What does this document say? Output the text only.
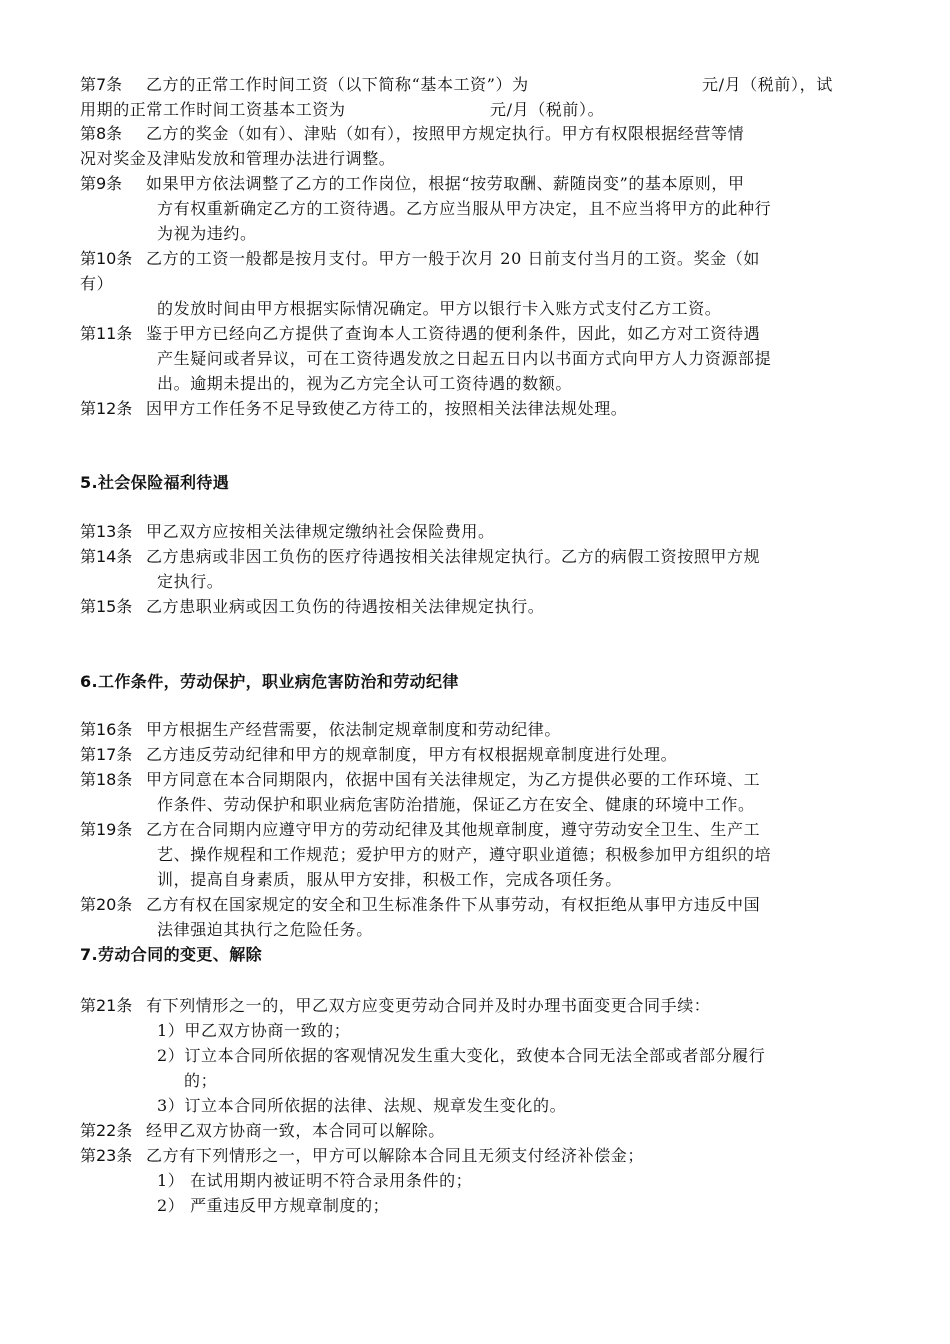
第7条 乙方的正常工作时间工资（以下简称“基本工资”）为	元/月（税前），试
用期的正常工作时间工资基本工资为	元/月（税前）。
第8条 乙方的奖金（如有）、津贴（如有），按照甲方规定执行。甲方有权限根据经营等情
况对奖金及津贴发放和管理办法进行调整。
第9条 如果甲方依法调整了乙方的工作岗位，根据“按劳取酬、薪随岗变”的基本原则，甲
方有权重新确定乙方的工资待遇。乙方应当服从甲方决定，且不应当将甲方的此种行
为视为违约。
第10条 乙方的工资一般都是按月支付。甲方一般于次月 20 日前支付当月的工资。奖金（如
有）
的发放时间由甲方根据实际情况确定。甲方以银行卡入账方式支付乙方工资。
第11条 鉴于甲方已经向乙方提供了查询本人工资待遇的便利条件，因此，如乙方对工资待遇
产生疑问或者异议，可在工资待遇发放之日起五日内以书面方式向甲方人力资源部提
出。逾期未提出的，视为乙方完全认可工资待遇的数额。
第12条 因甲方工作任务不足导致使乙方待工的，按照相关法律法规处理。
5.社会保险福利待遇
第13条 甲乙双方应按相关法律规定缴纳社会保险费用。
第14条 乙方患病或非因工负伤的医疗待遇按相关法律规定执行。乙方的病假工资按照甲方规
定执行。
第15条 乙方患职业病或因工负伤的待遇按相关法律规定执行。
6.工作条件，劳动保护，职业病危害防治和劳动纪律
第16条 甲方根据生产经营需要，依法制定规章制度和劳动纪律。
第17条 乙方违反劳动纪律和甲方的规章制度，甲方有权根据规章制度进行处理。
第18条 甲方同意在本合同期限内，依据中国有关法律规定，为乙方提供必要的工作环境、工
作条件、劳动保护和职业病危害防治措施，保证乙方在安全、健康的环境中工作。
第19条 乙方在合同期内应遵守甲方的劳动纪律及其他规章制度，遵守劳动安全卫生、生产工
艺、操作规程和工作规范；爱护甲方的财产，遵守职业道德；积极参加甲方组织的培
训，提高自身素质，服从甲方安排，积极工作，完成各项任务。
第20条 乙方有权在国家规定的安全和卫生标准条件下从事劳动，有权拒绝从事甲方违反中国
法律强迫其执行之危险任务。
7.劳动合同的变更、解除
第21条 有下列情形之一的，甲乙双方应变更劳动合同并及时办理书面变更合同手续：
1）甲乙双方协商一致的；
2）订立本合同所依据的客观情况发生重大变化，致使本合同无法全部或者部分履行
的；
3）订立本合同所依据的法律、法规、规章发生变化的。
第22条 经甲乙双方协商一致，本合同可以解除。
第23条 乙方有下列情形之一，甲方可以解除本合同且无须支付经济补偿金；
1） 在试用期内被证明不符合录用条件的；
2） 严重违反甲方规章制度的；
